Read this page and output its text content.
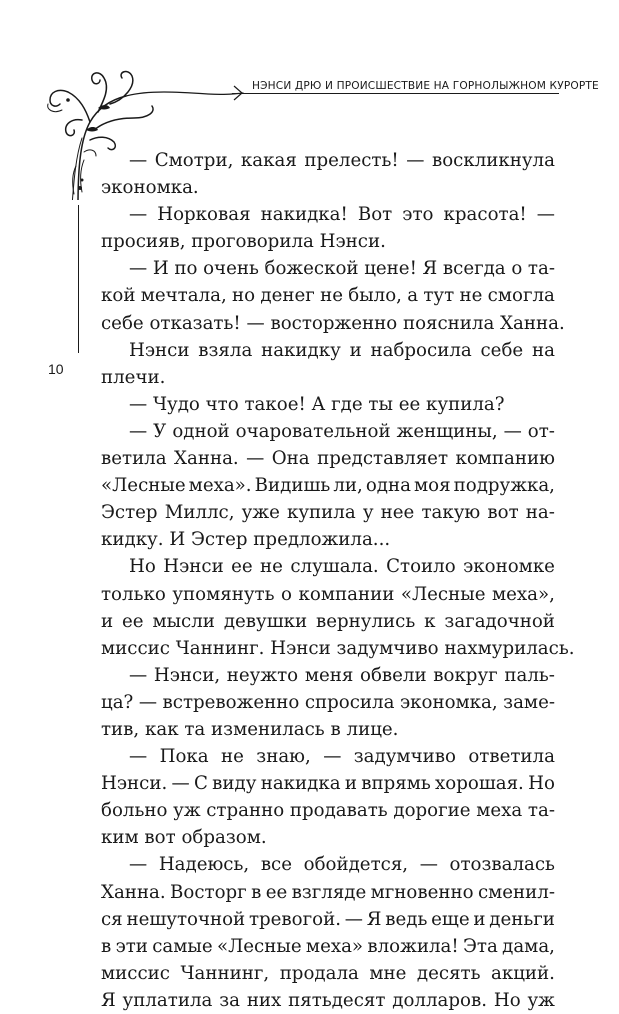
НЭНСИ ДРЮ И ПРОИСШЕСТВИЕ НА ГОРНОЛЫЖНОМ КУРОРТЕ
10
— Смотри, какая прелесть! — воскликнула
экономка.
— Норковая накидка! Вот это красота! —
просияв, проговорила Нэнси.
— И по очень божеской цене! Я всегда о та-
кой мечтала, но денег не было, а тут не смогла
себе отказать! — восторженно пояснила Ханна.
Нэнси взяла накидку и набросила себе на
плечи.
— Чудо что такое! А где ты ее купила?
— У одной очаровательной женщины, — от-
ветила Ханна. — Она представляет компанию
«Лесные меха». Видишь ли, одна моя подружка,
Эстер Миллс, уже купила у нее такую вот на-
кидку. И Эстер предложила...
Но Нэнси ее не слушала. Стоило экономке
только упомянуть о компании «Лесные меха»,
и ее мысли девушки вернулись к загадочной
миссис Чаннинг. Нэнси задумчиво нахмурилась.
— Нэнси, неужто меня обвели вокруг паль-
ца? — встревоженно спросила экономка, заме-
тив, как та изменилась в лице.
— Пока не знаю, — задумчиво ответила
Нэнси. — С виду накидка и впрямь хорошая. Но
больно уж странно продавать дорогие меха та-
ким вот образом.
— Надеюсь, все обойдется, — отозвалась
Ханна. Восторг в ее взгляде мгновенно сменил-
ся нешуточной тревогой. — Я ведь еще и деньги
в эти самые «Лесные меха» вложила! Эта дама,
миссис Чаннинг, продала мне десять акций.
Я уплатила за них пятьдесят долларов. Но уж
